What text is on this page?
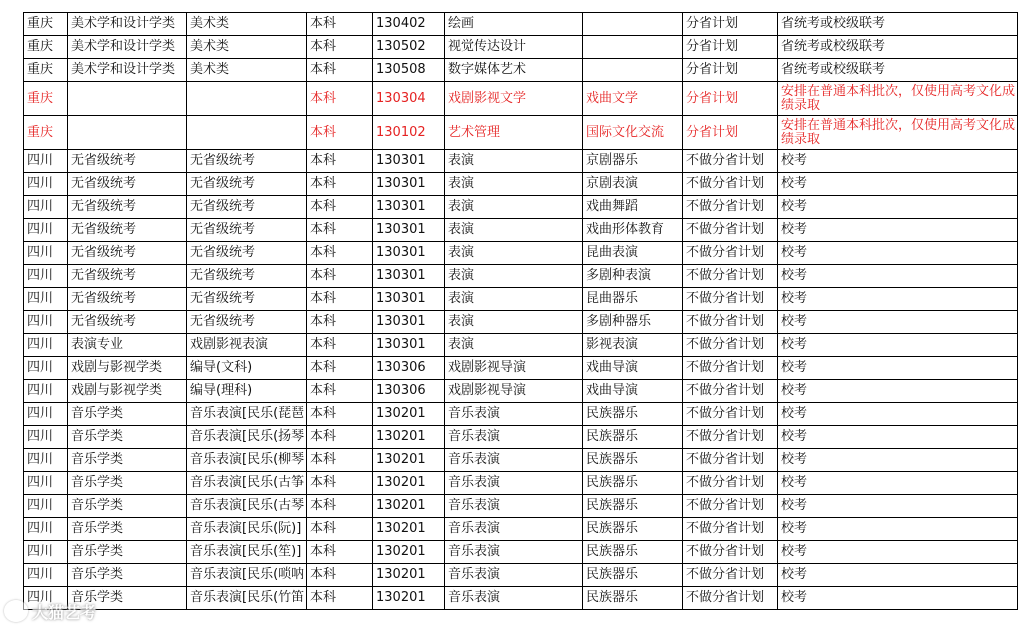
重庆	美术学和设计学类	美术类	本科	130402	绘画		分省计划	省统考或校级联考
重庆	美术学和设计学类	美术类	本科	130502	视觉传达设计		分省计划	省统考或校级联考
重庆	美术学和设计学类	美术类	本科	130508	数字媒体艺术		分省计划	省统考或校级联考
重庆			本科	130304	戏剧影视文学	戏曲文学	分省计划	安排在普通本科批次，仅使用高考文化成绩录取
重庆			本科	130102	艺术管理	国际文化交流	分省计划	安排在普通本科批次，仅使用高考文化成绩录取
四川	无省级统考	无省级统考	本科	130301	表演	京剧器乐	不做分省计划	校考
四川	无省级统考	无省级统考	本科	130301	表演	京剧表演	不做分省计划	校考
四川	无省级统考	无省级统考	本科	130301	表演	戏曲舞蹈	不做分省计划	校考
四川	无省级统考	无省级统考	本科	130301	表演	戏曲形体教育	不做分省计划	校考
四川	无省级统考	无省级统考	本科	130301	表演	昆曲表演	不做分省计划	校考
四川	无省级统考	无省级统考	本科	130301	表演	多剧种表演	不做分省计划	校考
四川	无省级统考	无省级统考	本科	130301	表演	昆曲器乐	不做分省计划	校考
四川	无省级统考	无省级统考	本科	130301	表演	多剧种器乐	不做分省计划	校考
四川	表演专业	戏剧影视表演	本科	130301	表演	影视表演	不做分省计划	校考
四川	戏剧与影视学类	编导(文科)	本科	130306	戏剧影视导演	戏曲导演	不做分省计划	校考
四川	戏剧与影视学类	编导(理科)	本科	130306	戏剧影视导演	戏曲导演	不做分省计划	校考
四川	音乐学类	音乐表演[民乐(琵琶	本科	130201	音乐表演	民族器乐	不做分省计划	校考
四川	音乐学类	音乐表演[民乐(扬琴	本科	130201	音乐表演	民族器乐	不做分省计划	校考
四川	音乐学类	音乐表演[民乐(柳琴	本科	130201	音乐表演	民族器乐	不做分省计划	校考
四川	音乐学类	音乐表演[民乐(古筝	本科	130201	音乐表演	民族器乐	不做分省计划	校考
四川	音乐学类	音乐表演[民乐(古琴	本科	130201	音乐表演	民族器乐	不做分省计划	校考
四川	音乐学类	音乐表演[民乐(阮)]	本科	130201	音乐表演	民族器乐	不做分省计划	校考
四川	音乐学类	音乐表演[民乐(笙)]	本科	130201	音乐表演	民族器乐	不做分省计划	校考
四川	音乐学类	音乐表演[民乐(唢呐	本科	130201	音乐表演	民族器乐	不做分省计划	校考
四川	音乐学类	音乐表演[民乐(竹笛	本科	130201	音乐表演	民族器乐	不做分省计划	校考
大猫艺考
